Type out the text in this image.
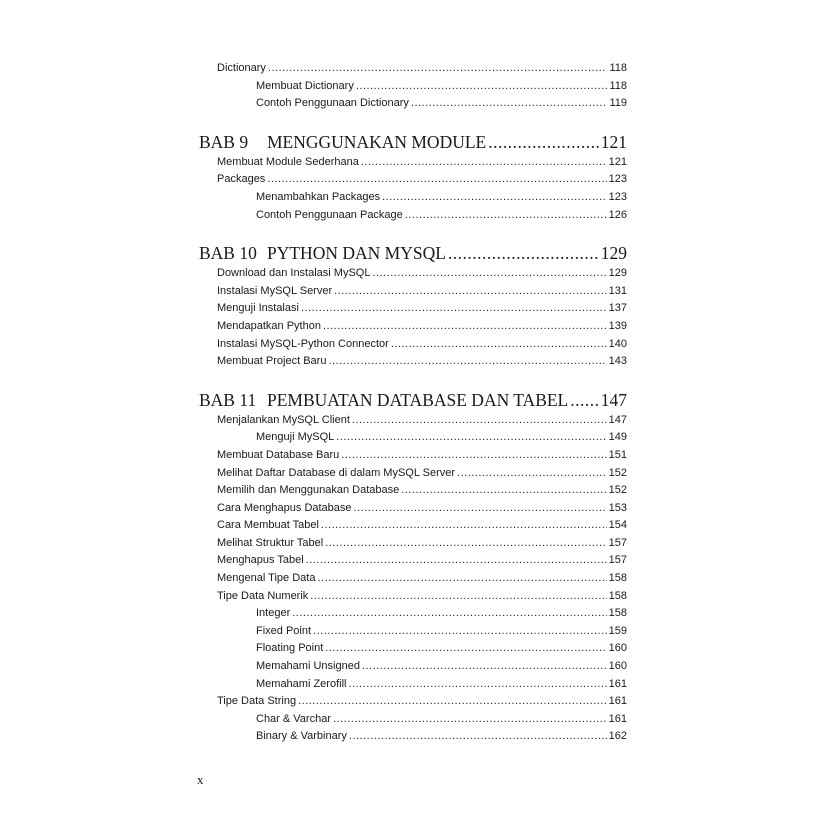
Dictionary .....	118
Membuat Dictionary .....	118
Contoh Penggunaan Dictionary .....	119
BAB 9	MENGGUNAKAN MODULE .....	121
Membuat Module Sederhana .....	121
Packages .....	123
Menambahkan Packages .....	123
Contoh Penggunaan Package .....	126
BAB 10 PYTHON DAN MYSQL .....	129
Download dan Instalasi MySQL .....	129
Instalasi MySQL Server .....	131
Menguji Instalasi .....	137
Mendapatkan Python .....	139
Instalasi MySQL-Python Connector .....	140
Membuat Project Baru .....	143
BAB 11 PEMBUATAN DATABASE DAN TABEL ..... 147
Menjalankan MySQL Client .....	147
Menguji MySQL .....	149
Membuat Database Baru .....	151
Melihat Daftar Database di dalam MySQL Server .....	152
Memilih dan Menggunakan Database .....	152
Cara Menghapus Database .....	153
Cara Membuat Tabel .....	154
Melihat Struktur Tabel .....	157
Menghapus Tabel .....	157
Mengenal Tipe Data .....	158
Tipe Data Numerik .....	158
Integer .....	158
Fixed Point .....	159
Floating Point .....	160
Memahami Unsigned .....	160
Memahami Zerofill .....	161
Tipe Data String .....	161
Char & Varchar .....	161
Binary & Varbinary .....	162
x
